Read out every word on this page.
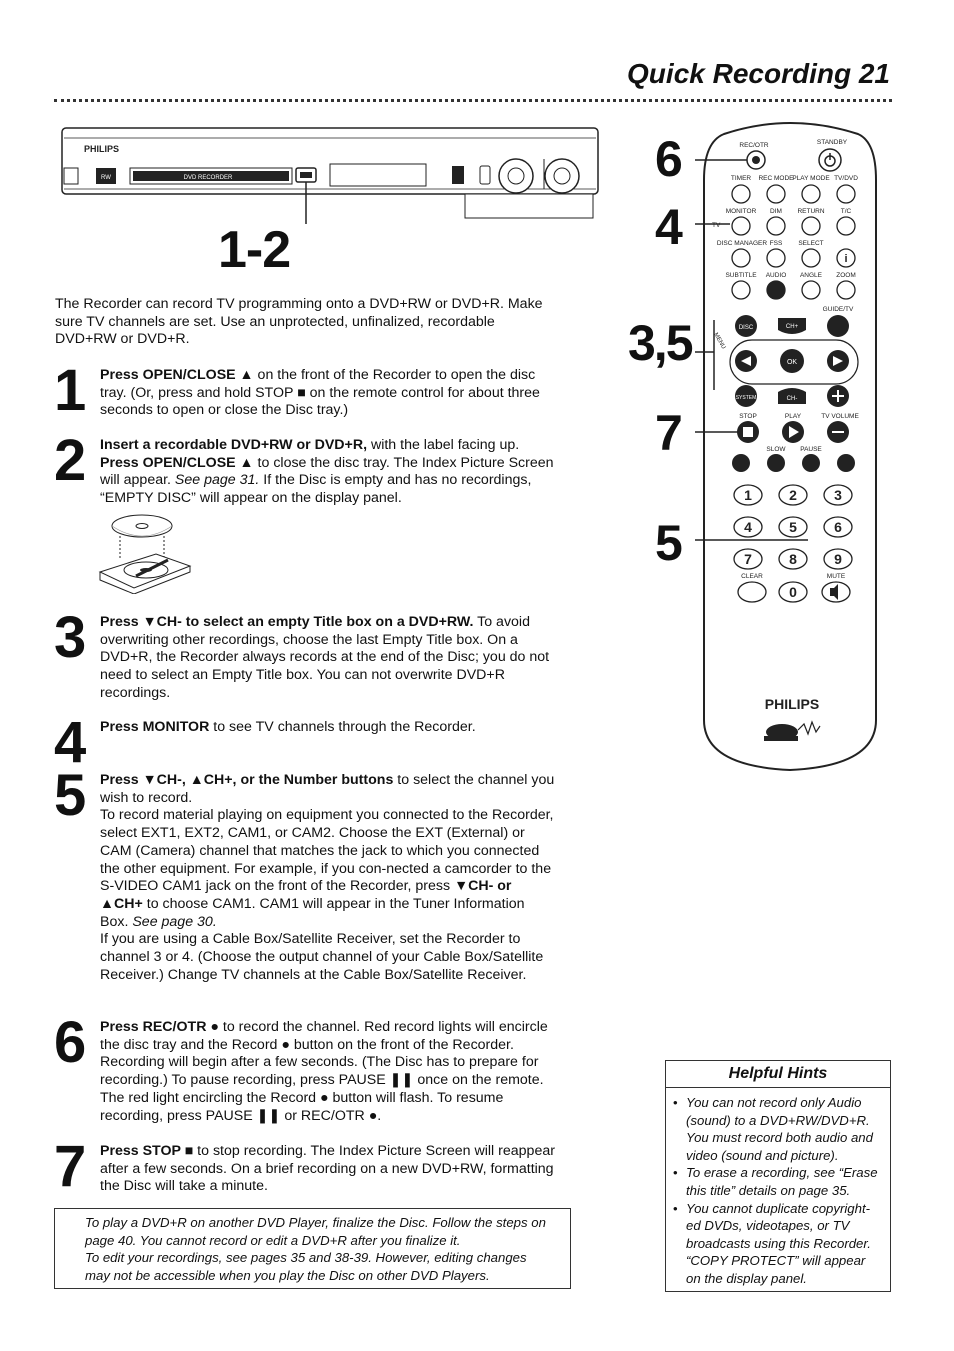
Quick Recording 21
RW
PHILIPS
DVD RECORDER
1-2
The Recorder can record TV programming onto a DVD+RW or DVD+R. Make sure TV channels are set. Use an unprotected, unfinalized, recordable DVD+RW or DVD+R.
1 Press OPEN/CLOSE ▲ on the front of the Recorder to open the disc tray. (Or, press and hold STOP ■ on the remote control for about three seconds to open or close the Disc tray.)
2 Insert a recordable DVD+RW or DVD+R, with the label facing up. Press OPEN/CLOSE ▲ to close the disc tray. The Index Picture Screen will appear. See page 31. If the Disc is empty and has no recordings, “EMPTY DISC” will appear on the display panel.
3 Press ▼CH- to select an empty Title box on a DVD+RW. To avoid overwriting other recordings, choose the last Empty Title box. On a DVD+R, the Recorder always records at the end of the Disc; you do not need to select an Empty Title box. You can not overwrite DVD+R recordings.
4 Press MONITOR to see TV channels through the Recorder.
5 Press ▼CH-, ▲CH+, or the Number buttons to select the channel you wish to record.
To record material playing on equipment you connected to the Recorder, select EXT1, EXT2, CAM1, or CAM2. Choose the EXT (External) or CAM (Camera) channel that matches the jack to which you connected the other equipment. For example, if you con-nected a camcorder to the S-VIDEO CAM1 jack on the front of the Recorder, press ▼CH- or ▲CH+ to choose CAM1. CAM1 will appear in the Tuner Information Box. See page 30.
If you are using a Cable Box/Satellite Receiver, set the Recorder to channel 3 or 4. (Choose the output channel of your Cable Box/Satellite Receiver.) Change TV channels at the Cable Box/Satellite Receiver.
6 Press REC/OTR ● to record the channel. Red record lights will encircle the disc tray and the Record ● button on the front of the Recorder. Recording will begin after a few seconds. (The Disc has to prepare for recording.) To pause recording, press PAUSE ❚❚ once on the remote. The red light encircling the Record ● button will flash. To resume recording, press PAUSE ❚❚ or REC/OTR ●.
7 Press STOP ■ to stop recording. The Index Picture Screen will reappear after a few seconds. On a brief recording on a new DVD+RW, formatting the Disc will take a minute.
To play a DVD+R on another DVD Player, finalize the Disc. Follow the steps on page 40. You cannot record or edit a DVD+R after you finalize it.
To edit your recordings, see pages 35 and 38-39. However, editing changes may not be accessible when you play the Disc on other DVD Players.
Helpful Hints
• You can not record only Audio (sound) to a DVD+RW/DVD+R. You must record both audio and video (sound and picture).
• To erase a recording, see “Erase this title” details on page 35.
• You cannot duplicate copyright-ed DVDs, videotapes, or TV broadcasts using this Recorder. “COPY PROTECT” will appear on the display panel.
6
4
3,5
7
5
REC/OTR	STANDBY
TIMER REC MODE
PLAY MODE TV/DVD
MONITOR DIM RETURN T/C
TV
DISC MANAGER FSS SELECT
i
SUBTITLE AUDIO ANGLE ZOOM
GUIDE/TV
DISC
MENU
CH+
OK
SYSTEM	CH-
STOP	PLAY	TV VOLUME
SLOW PAUSE
1	2	3
4	5	6
7	8	9
0
CLEAR	MUTE
PHILIPS
